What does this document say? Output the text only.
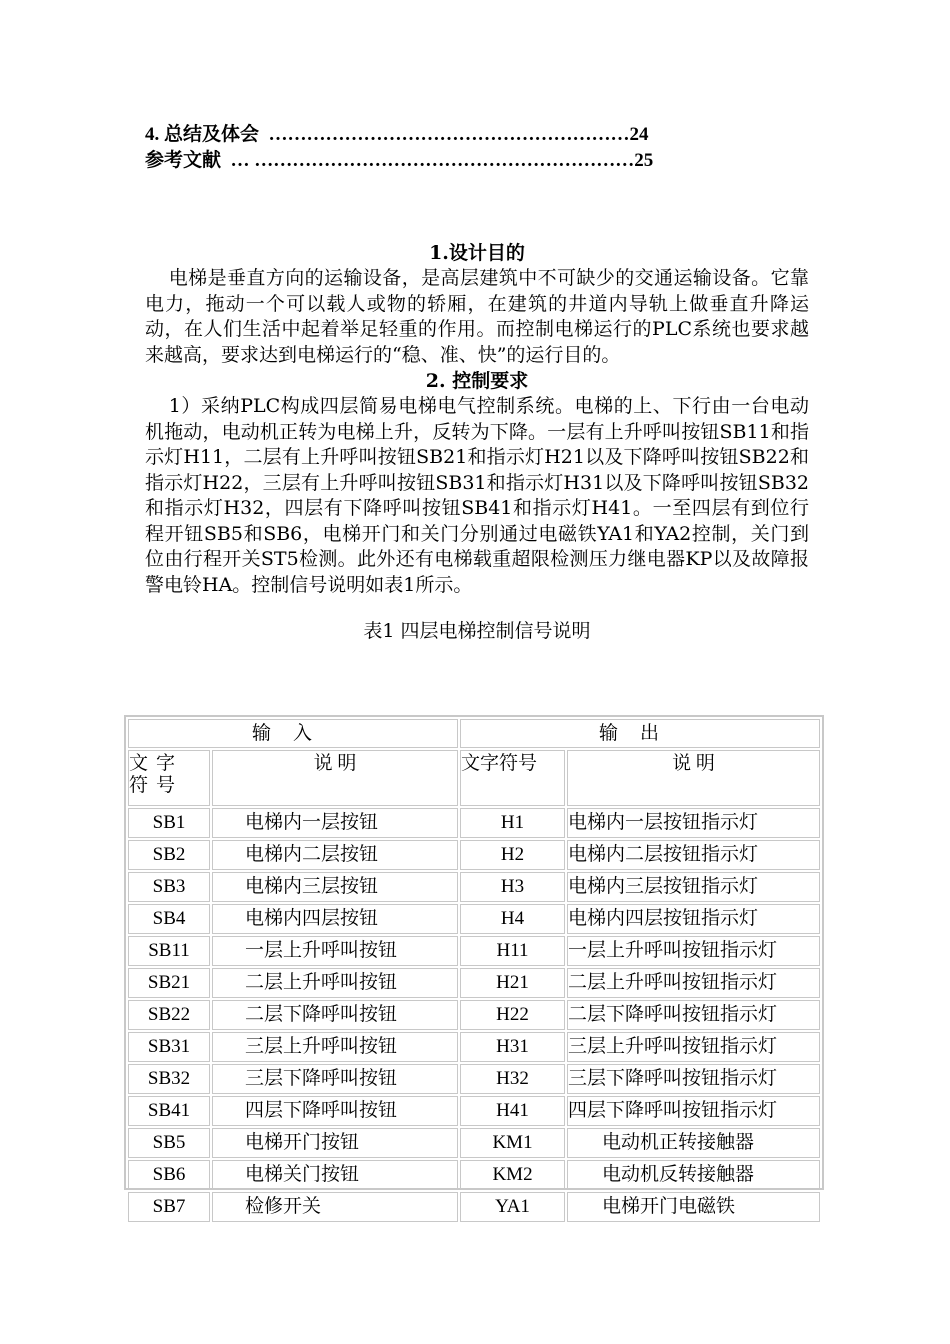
4. 总结及体会  …………………………………………………24
参考文献  … ……………………………………………………25
1.设计目的
电梯是垂直方向的运输设备，是高层建筑中不可缺少的交通运输设备。它靠电力，拖动一个可以载人或物的轿厢，在建筑的井道内导轨上做垂直升降运动，在人们生活中起着举足轻重的作用。而控制电梯运行的PLC系统也要求越来越高，要求达到电梯运行的“稳、准、快”的运行目的。
2. 控制要求
1）采纳PLC构成四层简易电梯电气控制系统。电梯的上、下行由一台电动机拖动，电动机正转为电梯上升，反转为下降。一层有上升呼叫按钮SB11和指示灯H11，二层有上升呼叫按钮SB21和指示灯H21以及下降呼叫按钮SB22和指示灯H22，三层有上升呼叫按钮SB31和指示灯H31以及下降呼叫按钮SB32和指示灯H32，四层有下降呼叫按钮SB41和指示灯H41。一至四层有到位行程开钮SB5和SB6，电梯开门和关门分别通过电磁铁YA1和YA2控制，关门到位由行程开关ST5检测。此外还有电梯载重超限检测压力继电器KP以及故障报警电铃HA。控制信号说明如表1所示。
表1 四层电梯控制信号说明
输入		输出	
文字符号	说 明	文字符号	说 明
SB1	电梯内一层按钮	H1	电梯内一层按钮指示灯
SB2	电梯内二层按钮	H2	电梯内二层按钮指示灯
SB3	电梯内三层按钮	H3	电梯内三层按钮指示灯
SB4	电梯内四层按钮	H4	电梯内四层按钮指示灯
SB11	一层上升呼叫按钮	H11	一层上升呼叫按钮指示灯
SB21	二层上升呼叫按钮	H21	二层上升呼叫按钮指示灯
SB22	二层下降呼叫按钮	H22	二层下降呼叫按钮指示灯
SB31	三层上升呼叫按钮	H31	三层上升呼叫按钮指示灯
SB32	三层下降呼叫按钮	H32	三层下降呼叫按钮指示灯
SB41	四层下降呼叫按钮	H41	四层下降呼叫按钮指示灯
SB5	电梯开门按钮	KM1	电动机正转接触器
SB6	电梯关门按钮	KM2	电动机反转接触器
SB7	检修开关	YA1	电梯开门电磁铁
